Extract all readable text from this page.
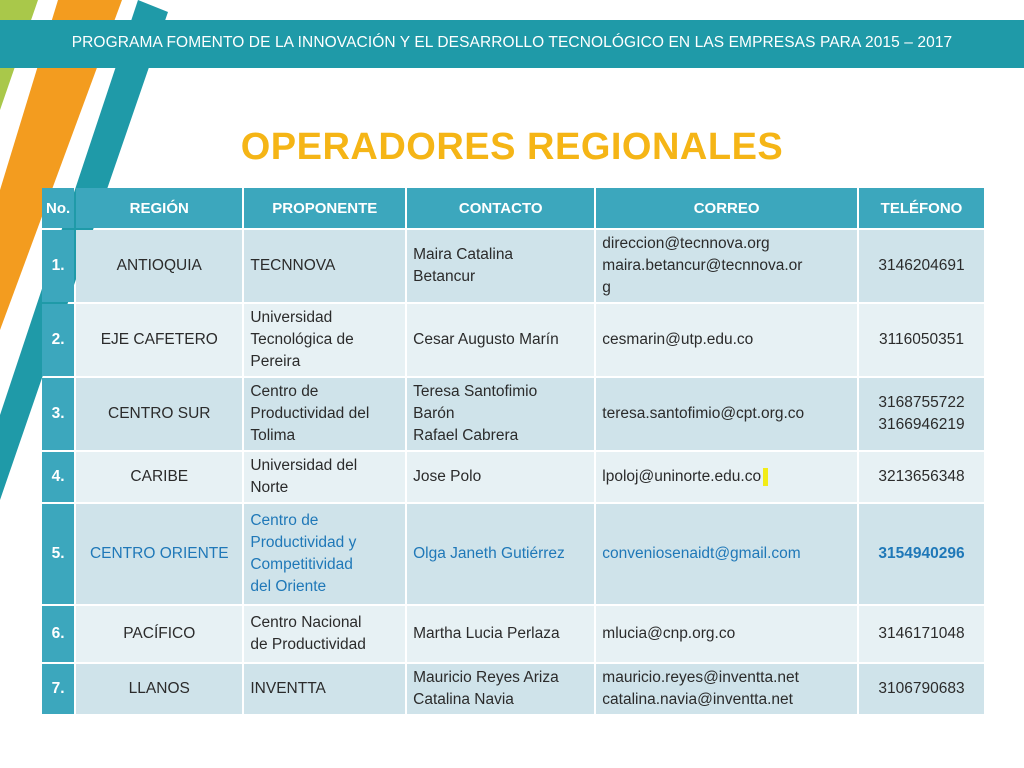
PROGRAMA FOMENTO DE LA INNOVACIÓN Y EL DESARROLLO TECNOLÓGICO EN LAS EMPRESAS PARA 2015 – 2017
OPERADORES REGIONALES
No.	REGIÓN	PROPONENTE	CONTACTO	CORREO	TELÉFONO
1.	ANTIOQUIA	TECNNOVA	Maira Catalina
Betancur	direccion@tecnnova.org
maira.betancur@tecnnova.or
g	3146204691

2.	EJE CAFETERO	Universidad
Tecnológica de
Pereira	Cesar Augusto Marín	cesmarin@utp.edu.co	3116050351

3.	CENTRO SUR	Centro de
Productividad del
Tolima	Teresa Santofimio
Barón
Rafael Cabrera	teresa.santofimio@cpt.org.co	3168755722
3166946219

4.	CARIBE	Universidad del
Norte	Jose Polo	lpoloj@uninorte.edu.co	3213656348

5.	CENTRO ORIENTE	Centro de
Productividad y
Competitividad
del Oriente	Olga Janeth Gutiérrez	conveniosenaidt@gmail.com	3154940296

6.	PACÍFICO	Centro Nacional
de Productividad	Martha Lucia Perlaza	mlucia@cnp.org.co	3146171048

7.	LLANOS	INVENTTA	Mauricio Reyes Ariza
Catalina Navia	mauricio.reyes@inventta.net
catalina.navia@inventta.net	3106790683
